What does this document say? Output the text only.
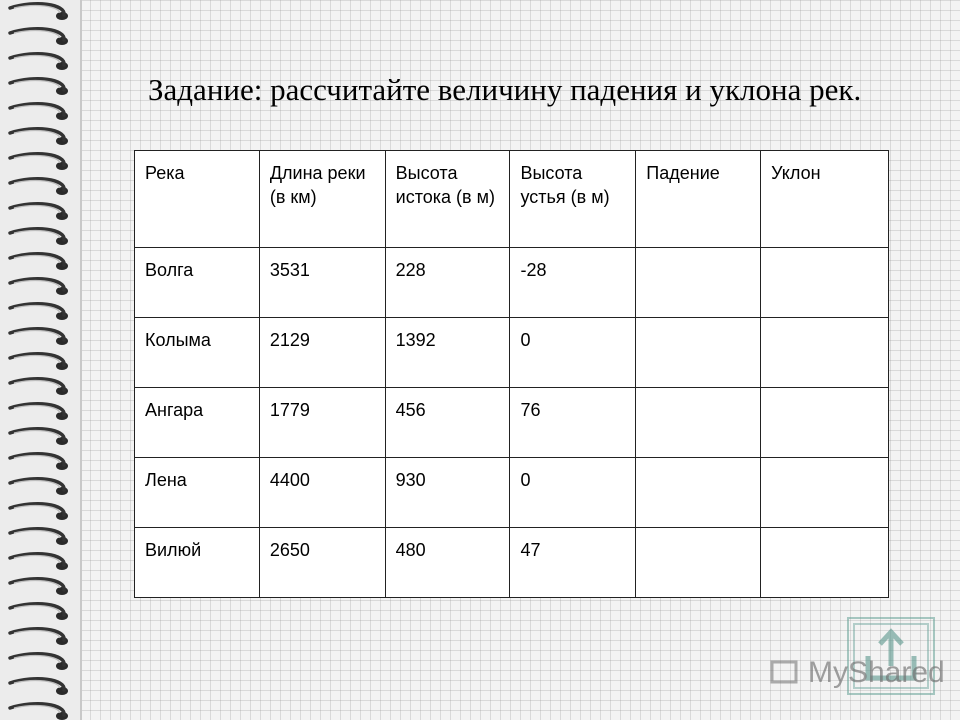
Задание: рассчитайте величину падения и уклона рек.
Река	Длина реки (в км)	Высота истока (в м)	Высота устья (в м)	Падение	Уклон
Волга	3531	228	-28		
Колыма	2129	1392	0		
Ангара	1779	456	76		
Лена	4400	930	0		
Вилюй	2650	480	47		
MyShared
